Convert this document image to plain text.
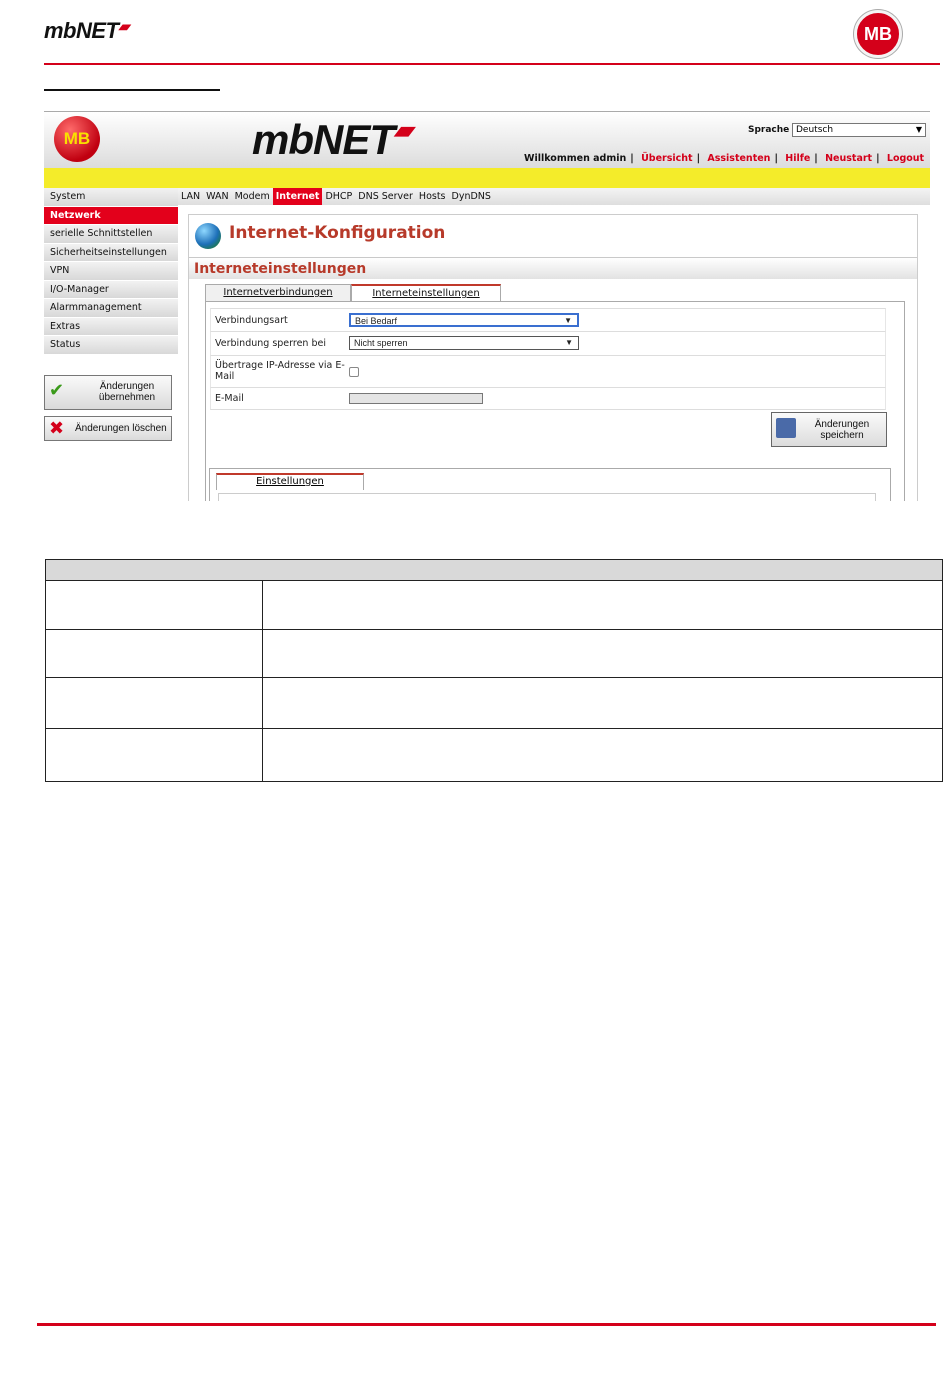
mbNET▰	MB
MB	mbNET▰	Sprache Deutsch	▼
Willkommen admin | Übersicht | Assistenten | Hilfe | Neustart | Logout
System
Netzwerk
serielle Schnittstellen
Sicherheitseinstellungen
VPN
I/O-Manager
Alarmmanagement
Extras
Status
✔	Änderungen übernehmen
✖ Änderungen löschen
LAN WAN Modem Internet DHCP DNS Server Hosts DynDNS
Internet-Konfiguration
Interneteinstellungen
Internetverbindungen	Interneteinstellungen
Verbindungsart	Bei Bedarf	▼
Verbindung sperren bei	Nicht sperren	▼
Übertrage IP-Adresse via E-Mail
E-Mail
Änderungen speichern
Einstellungen
